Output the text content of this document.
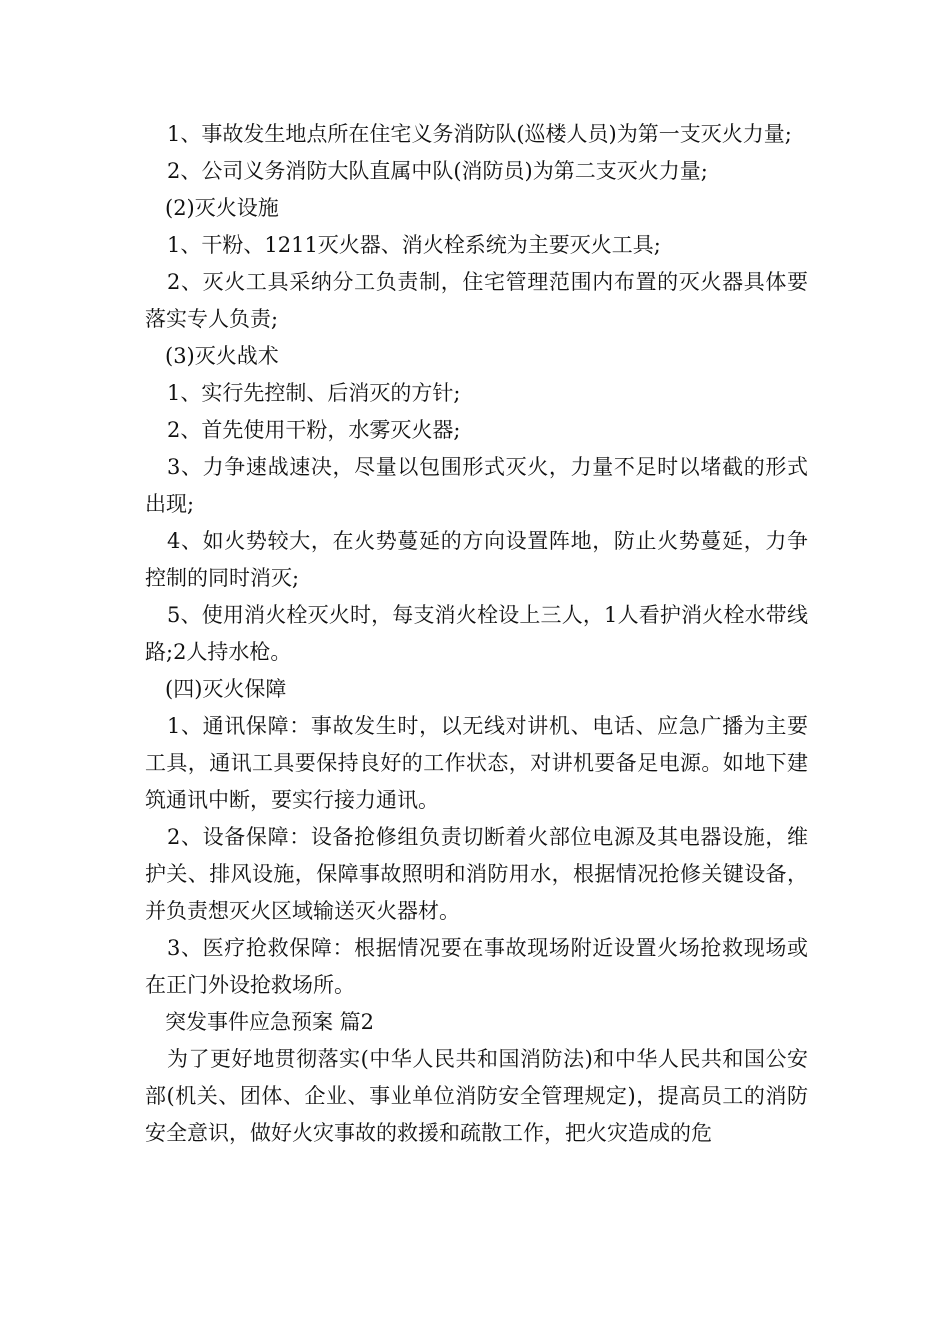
1、事故发生地点所在住宅义务消防队(巡楼人员)为第一支灭火力量;

2、公司义务消防大队直属中队(消防员)为第二支灭火力量;

(2)灭火设施

1、干粉、1211灭火器、消火栓系统为主要灭火工具;

2、灭火工具采纳分工负责制，住宅管理范围内布置的灭火器具体要落实专人负责;

(3)灭火战术

1、实行先控制、后消灭的方针;

2、首先使用干粉，水雾灭火器;

3、力争速战速决，尽量以包围形式灭火，力量不足时以堵截的形式出现;

4、如火势较大，在火势蔓延的方向设置阵地，防止火势蔓延，力争控制的同时消灭;

5、使用消火栓灭火时，每支消火栓设上三人，1人看护消火栓水带线路;2人持水枪。

(四)灭火保障

1、通讯保障：事故发生时，以无线对讲机、电话、应急广播为主要工具，通讯工具要保持良好的工作状态，对讲机要备足电源。如地下建筑通讯中断，要实行接力通讯。

2、设备保障：设备抢修组负责切断着火部位电源及其电器设施，维护关、排风设施，保障事故照明和消防用水，根据情况抢修关键设备，并负责想灭火区域输送灭火器材。

3、医疗抢救保障：根据情况要在事故现场附近设置火场抢救现场或在正门外设抢救场所。

突发事件应急预案 篇2

为了更好地贯彻落实(中华人民共和国消防法)和中华人民共和国公安部(机关、团体、企业、事业单位消防安全管理规定)，提高员工的消防安全意识，做好火灾事故的救援和疏散工作，把火灾造成的危
